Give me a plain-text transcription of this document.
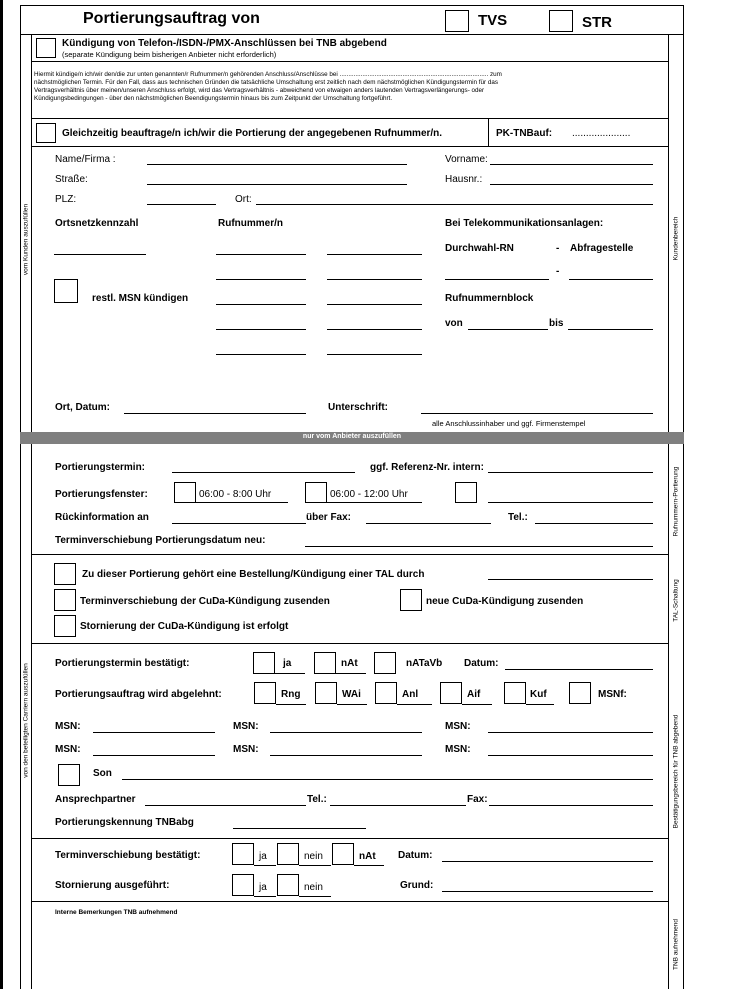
Portierungsauftrag von	TVS	STR
Kündigung von Telefon-/ISDN-/PMX-Anschlüssen bei TNB abgebend
(separate Kündigung beim bisherigen Anbieter nicht erforderlich)
Hiermit kündige/n ich/wir den/die zur unten genannten/r Rufnummer/n gehörenden Anschluss/Anschlüsse bei ..................................................................................... zum
nächstmöglichen Termin. Für den Fall, dass aus technischen Gründen die tatsächliche Umschaltung erst zeitlich nach dem nächstmöglichen Kündigungstermin für das
Vertragsverhältnis über meinen/unseren Anschluss erfolgt, wird das Vertragsverhältnis - abweichend von etwaigen anders lautenden Vertragsverlängerungs- oder
Kündigungsbedingungen - über den nächstmöglichen Beendigungstermin hinaus bis zum Zeitpunkt der Umschaltung fortgeführt.
Gleichzeitig beauftrage/n ich/wir die Portierung der angegebenen Rufnummer/n.	PK-TNBauf: .....................
Name/Firma :	Vorname:
Straße:	Hausnr.:
PLZ:	Ort:
Ortsnetzkennzahl	Rufnummer/n	Bei Telekommunikationsanlagen:
Durchwahl-RN	- Abfragestelle
-
restl. MSN kündigen	Rufnummernblock
von	bis
Ort, Datum:	Unterschrift:
alle Anschlussinhaber und ggf. Firmenstempel
nur vom Anbieter auszufüllen
Portierungstermin:	ggf. Referenz-Nr. intern:
Portierungsfenster:	06:00 - 8:00 Uhr	06:00 - 12:00 Uhr
Rückinformation an	über Fax:	Tel.:
Terminverschiebung Portierungsdatum neu:
Zu dieser Portierung gehört eine Bestellung/Kündigung einer TAL durch
Terminverschiebung der CuDa-Kündigung zusenden	neue CuDa-Kündigung zusenden
Stornierung der CuDa-Kündigung ist erfolgt
Portierungstermin bestätigt:	ja	nAt	nATaVb Datum:
Portierungsauftrag wird abgelehnt:	Rng	WAi	Anl	Aif	Kuf	MSNf:
MSN:	MSN:	MSN:
MSN:	MSN:	MSN:
Son
Ansprechpartner	Tel.:	Fax:
Portierungskennung TNBabg
Terminverschiebung bestätigt:	ja	nein	nAt Datum:
Stornierung ausgeführt:	ja	nein	Grund:
Interne Bemerkungen TNB aufnehmend
vom Kunden auszufüllen	Kundenbereich
von den beteiligten Carriern auszufüllen
Rufnummern-Portierung
TAL-Schaltung
Bestätigungsbereich für TNB abgebend
TNB aufnehmend
